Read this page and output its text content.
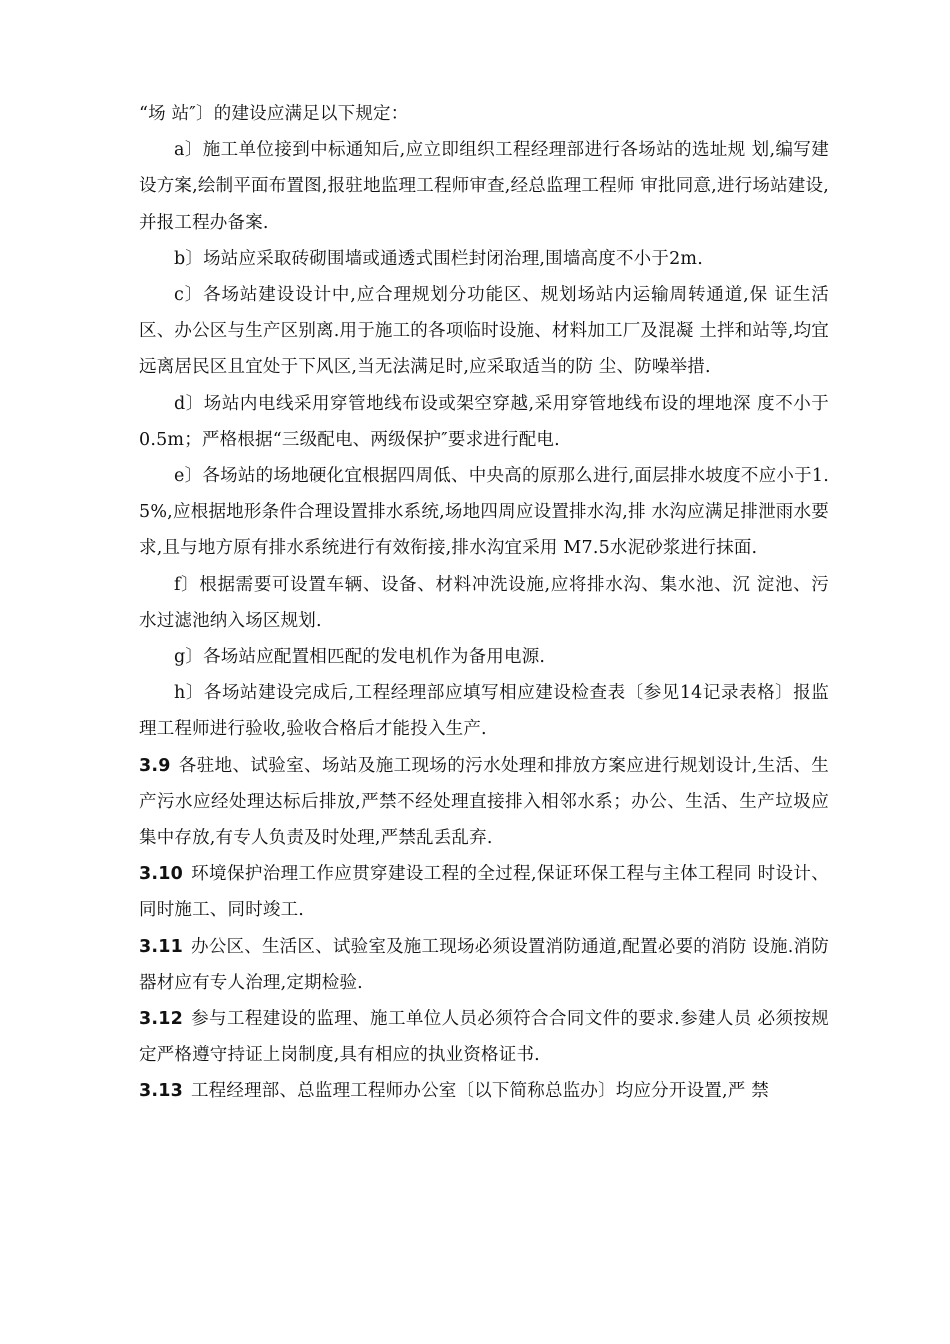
“场 站″〕的建设应满足以下规定：

a〕施工单位接到中标通知后,应立即组织工程经理部进行各场站的选址规 划,编写建设方案,绘制平面布置图,报驻地监理工程师审查,经总监理工程师 审批同意,进行场站建设,并报工程办备案.

b〕场站应采取砖砌围墙或通透式围栏封闭治理,围墙高度不小于2m.

c〕各场站建设设计中,应合理规划分功能区、规划场站内运输周转通道,保 证生活区、办公区与生产区别离.用于施工的各项临时设施、材料加工厂及混凝 土拌和站等,均宜远离居民区且宜处于下风区,当无法满足时,应采取适当的防 尘、防噪举措.

d〕场站内电线采用穿管地线布设或架空穿越,采用穿管地线布设的埋地深 度不小于0.5m；严格根据“三级配电、两级保护″要求进行配电.

e〕各场站的场地硬化宜根据四周低、中央高的原那么进行,面层排水坡度不应小于1.5%,应根据地形条件合理设置排水系统,场地四周应设置排水沟,排 水沟应满足排泄雨水要求,且与地方原有排水系统进行有效衔接,排水沟宜采用 M7.5水泥砂浆进行抹面.

f〕根据需要可设置车辆、设备、材料冲洗设施,应将排水沟、集水池、沉 淀池、污水过滤池纳入场区规划.

g〕各场站应配置相匹配的发电机作为备用电源.

h〕各场站建设完成后,工程经理部应填写相应建设检查表〔参见14记录表格〕报监理工程师进行验收,验收合格后才能投入生产.

3.9 各驻地、试验室、场站及施工现场的污水处理和排放方案应进行规划设计,生活、生产污水应经处理达标后排放,严禁不经处理直接排入相邻水系；办公、生活、生产垃圾应集中存放,有专人负责及时处理,严禁乱丢乱弃.

3.10 环境保护治理工作应贯穿建设工程的全过程,保证环保工程与主体工程同 时设计、同时施工、同时竣工.

3.11 办公区、生活区、试验室及施工现场必须设置消防通道,配置必要的消防 设施.消防器材应有专人治理,定期检验.

3.12 参与工程建设的监理、施工单位人员必须符合合同文件的要求.参建人员 必须按规定严格遵守持证上岗制度,具有相应的执业资格证书.

3.13 工程经理部、总监理工程师办公室〔以下简称总监办〕均应分开设置,严 禁
